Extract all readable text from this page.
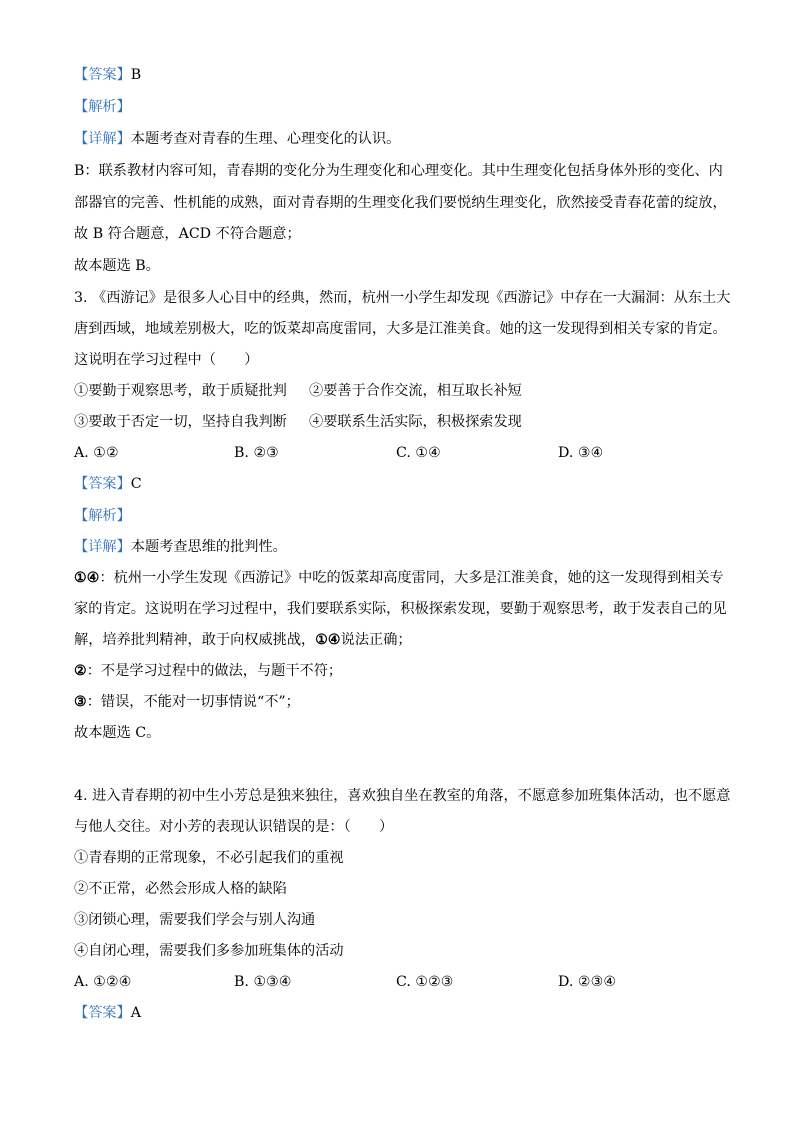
【答案】B
【解析】
【详解】本题考查对青春的生理、心理变化的认识。
B：联系教材内容可知，青春期的变化分为生理变化和心理变化。其中生理变化包括身体外形的变化、内
部器官的完善、性机能的成熟，面对青春期的生理变化我们要悦纳生理变化，欣然接受青春花蕾的绽放，
故 B 符合题意，ACD 不符合题意；
故本题选 B。
3. 《西游记》是很多人心目中的经典，然而，杭州一小学生却发现《西游记》中存在一大漏洞：从东土大
唐到西域，地域差别极大，吃的饭菜却高度雷同，大多是江淮美食。她的这一发现得到相关专家的肯定。
这说明在学习过程中（　　）
①要勤于观察思考，敢于质疑批判 ②要善于合作交流，相互取长补短
③要敢于否定一切，坚持自我判断 ④要联系生活实际，积极探索发现
A. ①②	B. ②③	C. ①④	D. ③④
【答案】C
【解析】
【详解】本题考查思维的批判性。
①④：杭州一小学生发现《西游记》中吃的饭菜却高度雷同，大多是江淮美食，她的这一发现得到相关专
家的肯定。这说明在学习过程中，我们要联系实际，积极探索发现，要勤于观察思考，敢于发表自己的见
解，培养批判精神，敢于向权威挑战，①④说法正确；
②：不是学习过程中的做法，与题干不符；
③：错误，不能对一切事情说“不”；
故本题选 C。
4. 进入青春期的初中生小芳总是独来独往，喜欢独自坐在教室的角落，不愿意参加班集体活动，也不愿意
与他人交往。对小芳的表现认识错误的是：（　　）
①青春期的正常现象，不必引起我们的重视
②不正常，必然会形成人格的缺陷
③闭锁心理，需要我们学会与别人沟通
④自闭心理，需要我们多参加班集体的活动
A. ①②④	B. ①③④	C. ①②③	D. ②③④
【答案】A
